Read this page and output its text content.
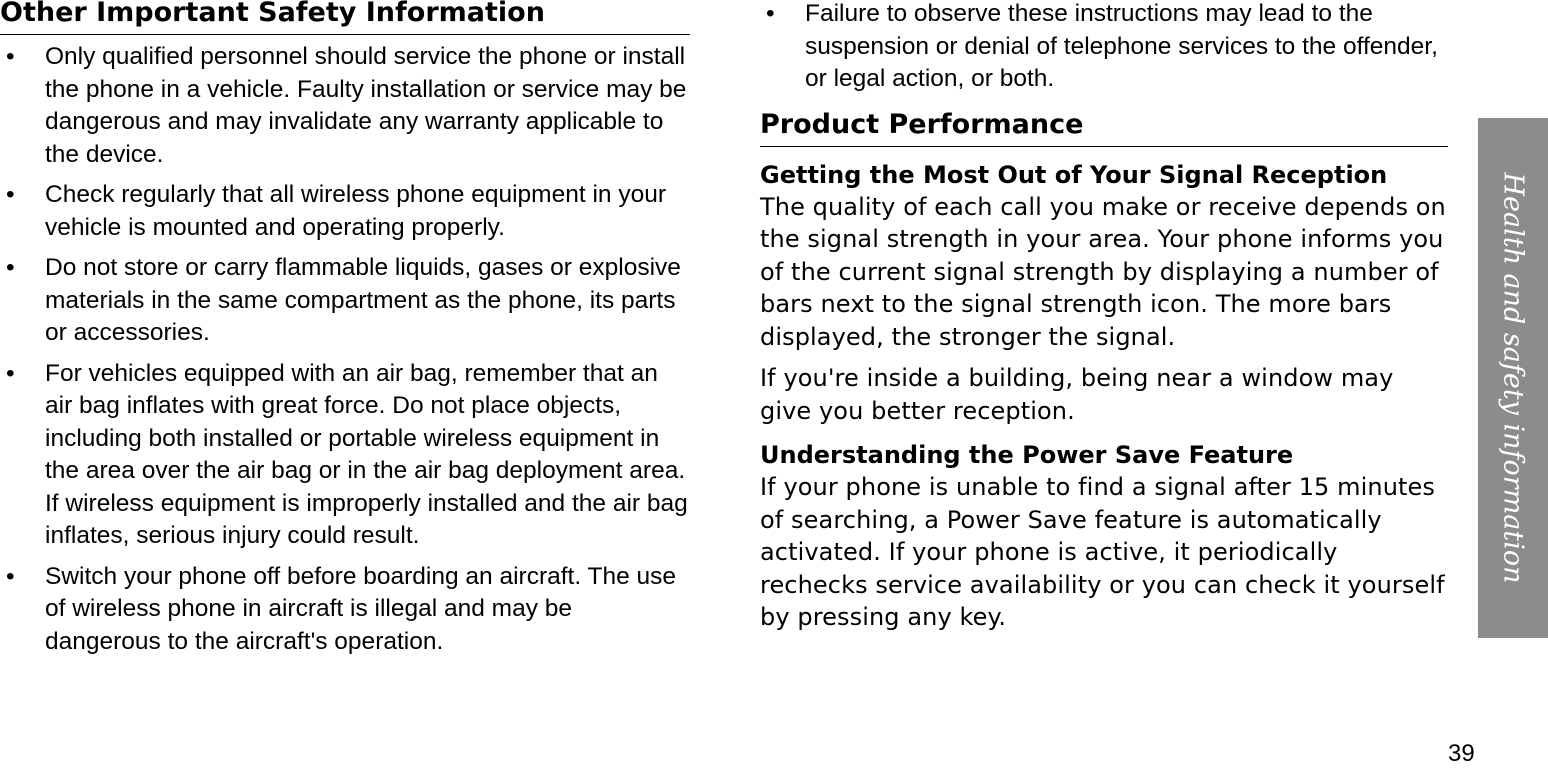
Other Important Safety Information
• Only qualified personnel should service the phone or install the phone in a vehicle. Faulty installation or service may be dangerous and may invalidate any warranty applicable to the device.
• Check regularly that all wireless phone equipment in your vehicle is mounted and operating properly.
• Do not store or carry flammable liquids, gases or explosive materials in the same compartment as the phone, its parts or accessories.
• For vehicles equipped with an air bag, remember that an air bag inflates with great force. Do not place objects, including both installed or portable wireless equipment in the area over the air bag or in the air bag deployment area. If wireless equipment is improperly installed and the air bag inflates, serious injury could result.
• Switch your phone off before boarding an aircraft. The use of wireless phone in aircraft is illegal and may be dangerous to the aircraft's operation.
• Failure to observe these instructions may lead to the suspension or denial of telephone services to the offender, or legal action, or both.
Product Performance
Getting the Most Out of Your Signal Reception

The quality of each call you make or receive depends on the signal strength in your area. Your phone informs you of the current signal strength by displaying a number of bars next to the signal strength icon. The more bars displayed, the stronger the signal.

If you're inside a building, being near a window may give you better reception.

Understanding the Power Save Feature

If your phone is unable to find a signal after 15 minutes of searching, a Power Save feature is automatically activated. If your phone is active, it periodically rechecks service availability or you can check it yourself by pressing any key.

Health and safety information
39
